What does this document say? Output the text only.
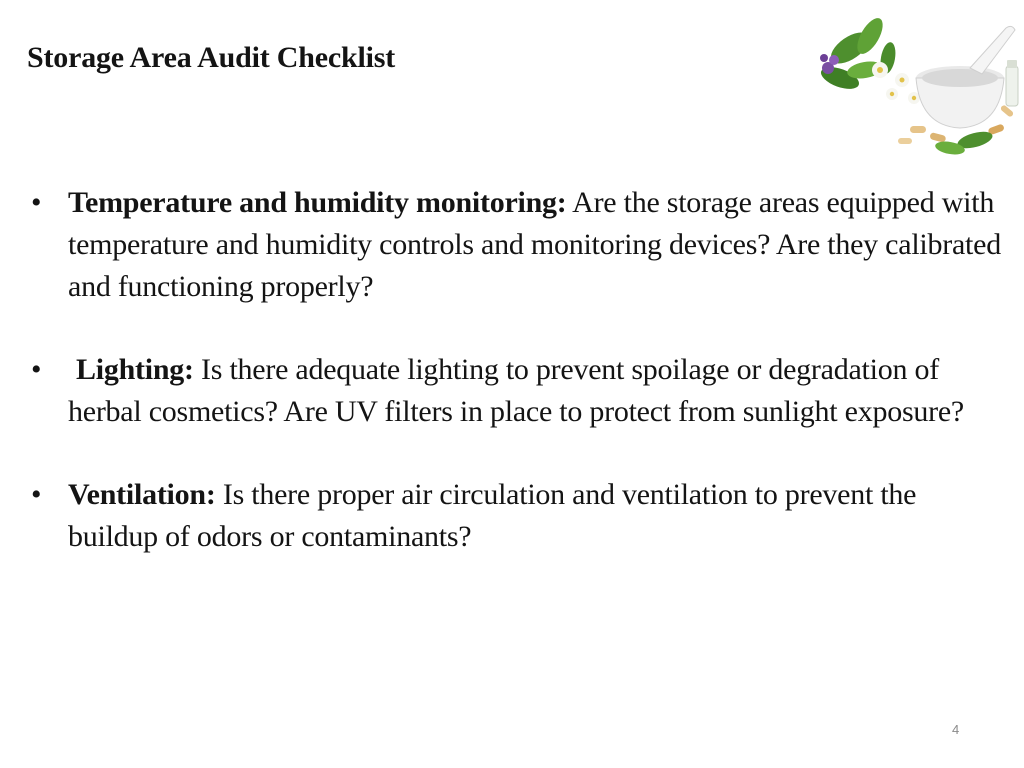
Storage Area Audit Checklist
• Temperature and humidity monitoring: Are the storage areas equipped with temperature and humidity controls and monitoring devices? Are they calibrated and functioning properly?
• Lighting: Is there adequate lighting to prevent spoilage or degradation of herbal cosmetics? Are UV filters in place to protect from sunlight exposure?
• Ventilation: Is there proper air circulation and ventilation to prevent the buildup of odors or contaminants?
4
